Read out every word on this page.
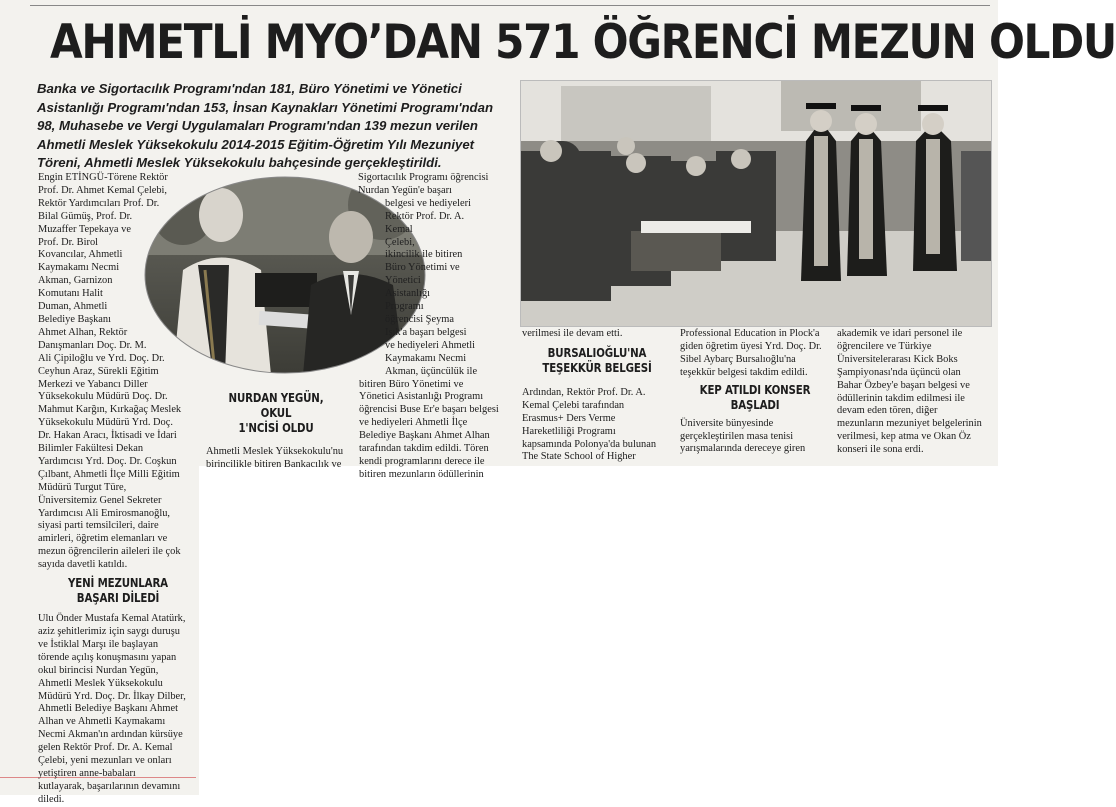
AHMETLİ MYO’DAN 571 ÖĞRENCİ MEZUN OLDU
Banka ve Sigortacılık Programı'ndan 181, Büro Yönetimi ve Yönetici
Asistanlığı Programı'ndan 153, İnsan Kaynakları Yönetimi Programı'ndan
98, Muhasebe ve Vergi Uygulamaları Programı'ndan 139 mezun verilen
Ahmetli Meslek Yüksekokulu 2014-2015 Eğitim-Öğretim Yılı Mezuniyet
Töreni, Ahmetli Meslek Yüksekokulu bahçesinde gerçekleştirildi.
Engin ETİNGÜ-Törene Rektör
Prof. Dr. Ahmet Kemal Çelebi,
Rektör Yardımcıları Prof. Dr.
Bilal Gümüş, Prof. Dr.
Muzaffer Tepekaya ve
Prof. Dr. Birol
Kovancılar, Ahmetli
Kaymakamı Necmi
Akman, Garnizon
Komutanı Halit
Duman, Ahmetli
Belediye Başkanı
Ahmet Alhan, Rektör
Danışmanları Doç. Dr. M.
Ali Çipiloğlu ve Yrd. Doç. Dr.
Ceyhun Araz, Sürekli Eğitim
Merkezi ve Yabancı Diller
Yüksekokulu Müdürü Doç. Dr.
Mahmut Karğın, Kırkağaç Meslek
Yüksekokulu Müdürü Yrd. Doç.
Dr. Hakan Aracı, İktisadi ve İdari
Bilimler Fakültesi Dekan
Yardımcısı Yrd. Doç. Dr. Coşkun
Çılbant, Ahmetli İlçe Milli Eğitim
Müdürü Turgut Türe,
Üniversitemiz Genel Sekreter
Yardımcısı Ali Emirosmanoğlu,
siyasi parti temsilcileri, daire
amirleri, öğretim elemanları ve
mezun öğrencilerin aileleri ile çok
sayıda davetli katıldı.
YENİ MEZUNLARA
BAŞARI DİLEDİ
Ulu Önder Mustafa Kemal Atatürk,
aziz şehitlerimiz için saygı duruşu
ve İstiklal Marşı ile başlayan
törende açılış konuşmasını yapan
okul birincisi Nurdan Yegün,
Ahmetli Meslek Yüksekokulu
Müdürü Yrd. Doç. Dr. İlkay Dilber,
Ahmetli Belediye Başkanı Ahmet
Alhan ve Ahmetli Kaymakamı
Necmi Akman'ın ardından kürsüye
gelen Rektör Prof. Dr. A. Kemal
Çelebi, yeni mezunları ve onları
yetiştiren anne-babaları
kutlayarak, başarılarının devamını
diledi.
NURDAN YEGÜN, OKUL
1'NCİSİ OLDU
Ahmetli Meslek Yüksekokulu'nu
birincilikle bitiren Bankacılık ve
Sigortacılık Programı öğrencisi
Nurdan Yegün'e başarı
belgesi ve hediyeleri
Rektör Prof. Dr. A.
Kemal
Çelebi,
ikincilik ile bitiren
Büro Yönetimi ve
Yönetici
Asistanlığı
Programı
öğrencisi Şeyma
Işık'a başarı belgesi
ve hediyeleri Ahmetli
Kaymakamı Necmi
Akman, üçüncülük ile
bitiren Büro Yönetimi ve
Yönetici Asistanlığı Programı
öğrencisi Buse Er'e başarı belgesi
ve hediyeleri Ahmetli İlçe
Belediye Başkanı Ahmet Alhan
tarafından takdim edildi. Tören
kendi programlarını derece ile
bitiren mezunların ödüllerinin
verilmesi ile devam etti.
BURSALIOĞLU'NA
TEŞEKKÜR BELGESİ
Ardından, Rektör Prof. Dr. A.
Kemal Çelebi tarafından
Erasmus+ Ders Verme
Hareketliliği Programı
kapsamında Polonya'da bulunan
The State School of Higher
Professional Education in Plock'a
giden öğretim üyesi Yrd. Doç. Dr.
Sibel Aybarç Bursalıoğlu'na
teşekkür belgesi takdim edildi.
KEP ATILDI KONSER
BAŞLADI
Üniversite bünyesinde
gerçekleştirilen masa tenisi
yarışmalarında dereceye giren
akademik ve idari personel ile
öğrencilere ve Türkiye
Üniversitelerarası Kick Boks
Şampiyonası'nda üçüncü olan
Bahar Özbey'e başarı belgesi ve
ödüllerinin takdim edilmesi ile
devam eden tören, diğer
mezunların mezuniyet belgelerinin
verilmesi, kep atma ve Okan Öz
konseri ile sona erdi.
